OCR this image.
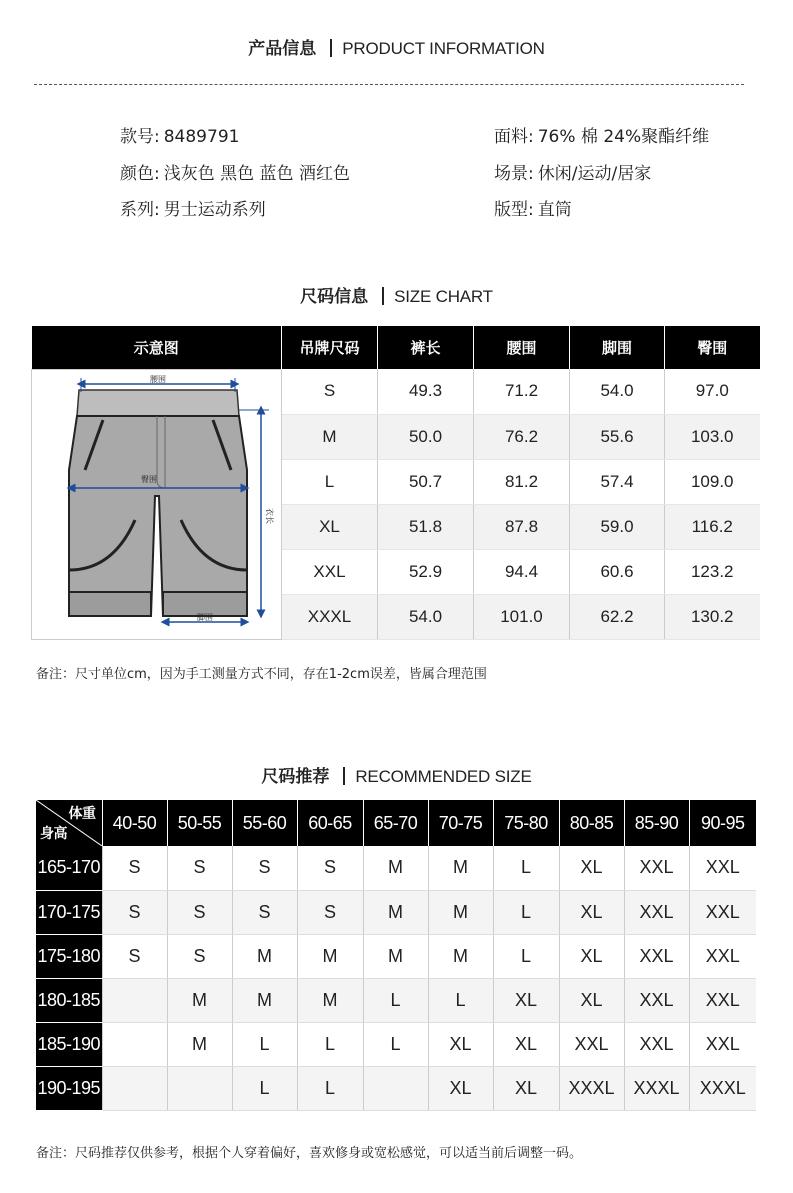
产品信息 PRODUCT INFORMATION
款号: 8489791
颜色: 浅灰色 黑色 蓝色 酒红色
系列: 男士运动系列
面料: 76% 棉 24%聚酯纤维
场景: 休闲/运动/居家
版型: 直筒
尺码信息 SIZE CHART
示意图	吊牌尺码	裤长	腰围	脚围	臀围

腰围
臀围
衣长
脚围	S	49.3	71.2	54.0	97.0
	M	50.0	76.2	55.6	103.0
	L	50.7	81.2	57.4	109.0
	XL	51.8	87.8	59.0	116.2
	XXL	52.9	94.4	60.6	123.2
	XXXL	54.0	101.0	62.2	130.2
备注：尺寸单位cm，因为手工测量方式不同，存在1-2cm误差，皆属合理范围
尺码推荐 RECOMMENDED SIZE
体重
身高	40-50	50-55	55-60	60-65	65-70	70-75	75-80	80-85	85-90	90-95
165-170	S	S	S	S	M	M	L	XL	XXL	XXL
170-175	S	S	S	S	M	M	L	XL	XXL	XXL
175-180	S	S	M	M	M	M	L	XL	XXL	XXL
180-185		M	M	M	L	L	XL	XL	XXL	XXL
185-190		M	L	L	L	XL	XL	XXL	XXL	XXL
190-195			L	L		XL	XL	XXXL	XXXL	XXXL
备注：尺码推荐仅供参考，根据个人穿着偏好，喜欢修身或宽松感觉，可以适当前后调整一码。
